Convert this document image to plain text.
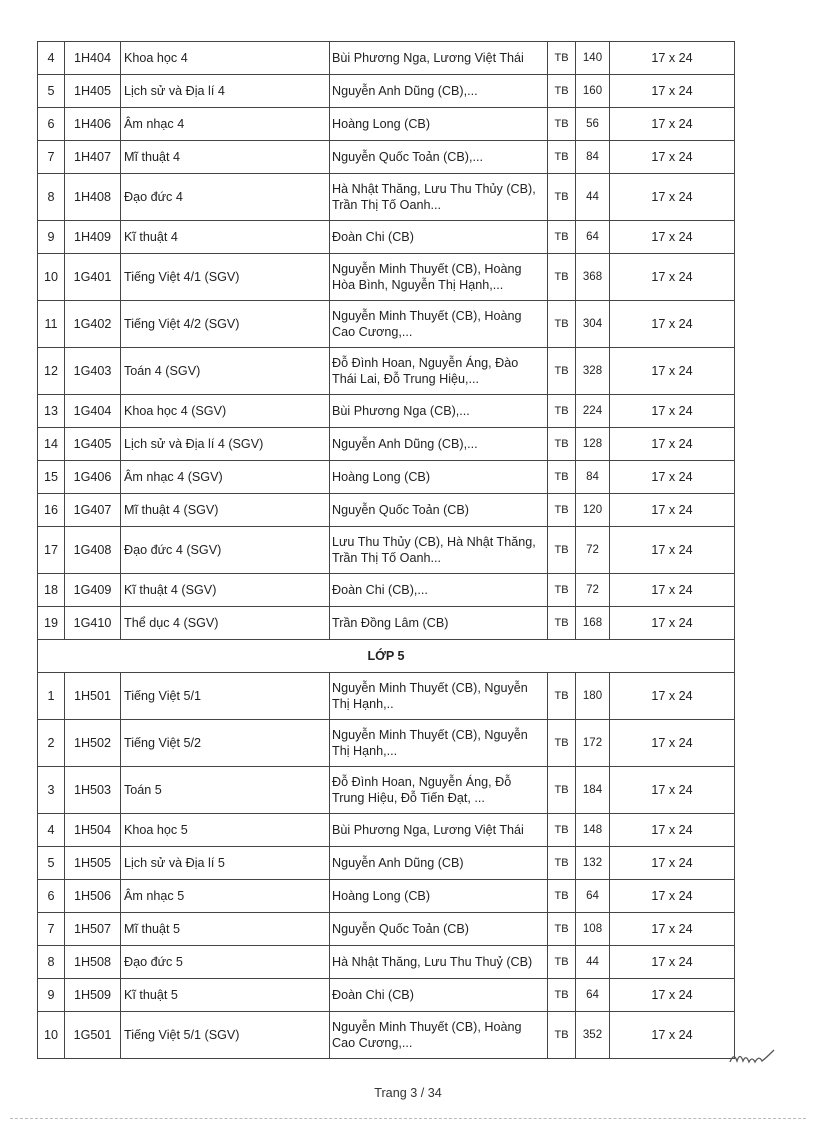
4	1H404	Khoa học 4	Bùi Phương Nga, Lương Việt Thái	TB	140	17 x 24
5	1H405	Lịch sử và Địa lí 4	Nguyễn Anh Dũng (CB),...	TB	160	17 x 24
6	1H406	Âm nhạc 4	Hoàng Long (CB)	TB	56	17 x 24
7	1H407	Mĩ thuật 4	Nguyễn Quốc Toản (CB),...	TB	84	17 x 24
8	1H408	Đạo đức 4	Hà Nhật Thăng, Lưu Thu Thủy (CB), Trần Thị Tố Oanh...	TB	44	17 x 24
9	1H409	Kĩ thuật 4	Đoàn Chi (CB)	TB	64	17 x 24
10	1G401	Tiếng Việt 4/1 (SGV)	Nguyễn Minh Thuyết (CB), Hoàng Hòa Bình, Nguyễn Thị Hạnh,...	TB	368	17 x 24
11	1G402	Tiếng Việt 4/2 (SGV)	Nguyễn Minh Thuyết (CB), Hoàng Cao Cương,...	TB	304	17 x 24
12	1G403	Toán 4 (SGV)	Đỗ Đình Hoan, Nguyễn Áng, Đào Thái Lai, Đỗ Trung Hiệu,...	TB	328	17 x 24
13	1G404	Khoa học 4 (SGV)	Bùi Phương Nga (CB),...	TB	224	17 x 24
14	1G405	Lịch sử và Địa lí 4 (SGV)	Nguyễn Anh Dũng (CB),...	TB	128	17 x 24
15	1G406	Âm nhạc 4 (SGV)	Hoàng Long (CB)	TB	84	17 x 24
16	1G407	Mĩ thuật 4 (SGV)	Nguyễn Quốc Toản (CB)	TB	120	17 x 24
17	1G408	Đạo đức 4 (SGV)	Lưu Thu Thủy (CB), Hà Nhật Thăng, Trần Thị Tố Oanh...	TB	72	17 x 24
18	1G409	Kĩ thuật 4 (SGV)	Đoàn Chi (CB),...	TB	72	17 x 24
19	1G410	Thể dục 4 (SGV)	Trần Đồng Lâm (CB)	TB	168	17 x 24
LỚP 5						
1	1H501	Tiếng Việt 5/1	Nguyễn Minh Thuyết (CB), Nguyễn Thị Hạnh,..	TB	180	17 x 24
2	1H502	Tiếng Việt 5/2	Nguyễn Minh Thuyết (CB), Nguyễn Thị Hạnh,...	TB	172	17 x 24
3	1H503	Toán 5	Đỗ Đình Hoan, Nguyễn Áng, Đỗ Trung Hiệu, Đỗ Tiến Đạt, ...	TB	184	17 x 24
4	1H504	Khoa học 5	Bùi Phương Nga, Lương Việt Thái	TB	148	17 x 24
5	1H505	Lịch sử và Địa lí 5	Nguyễn Anh Dũng (CB)	TB	132	17 x 24
6	1H506	Âm nhạc 5	Hoàng Long (CB)	TB	64	17 x 24
7	1H507	Mĩ thuật 5	Nguyễn Quốc Toản (CB)	TB	108	17 x 24
8	1H508	Đạo đức 5	Hà Nhật Thăng, Lưu Thu Thuỷ (CB)	TB	44	17 x 24
9	1H509	Kĩ thuật 5	Đoàn Chi (CB)	TB	64	17 x 24
10	1G501	Tiếng Việt 5/1 (SGV)	Nguyễn Minh Thuyết (CB), Hoàng Cao Cương,...	TB	352	17 x 24
Trang 3 / 34
